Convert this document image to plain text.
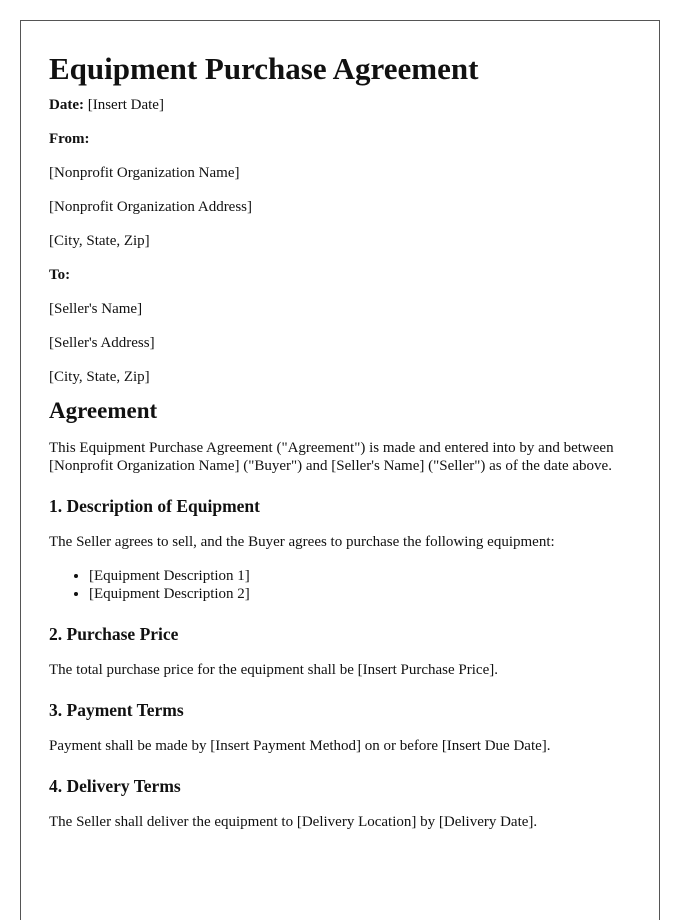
Equipment Purchase Agreement
Date: [Insert Date]
From:
[Nonprofit Organization Name]
[Nonprofit Organization Address]
[City, State, Zip]
To:
[Seller's Name]
[Seller's Address]
[City, State, Zip]
Agreement

This Equipment Purchase Agreement ("Agreement") is made and entered into by and between [Nonprofit Organization Name] ("Buyer") and [Seller's Name] ("Seller") as of the date above.

1. Description of Equipment

The Seller agrees to sell, and the Buyer agrees to purchase the following equipment:

• [Equipment Description 1]
• [Equipment Description 2]
2. Purchase Price

The total purchase price for the equipment shall be [Insert Purchase Price].

3. Payment Terms

Payment shall be made by [Insert Payment Method] on or before [Insert Due Date].

4. Delivery Terms

The Seller shall deliver the equipment to [Delivery Location] by [Delivery Date].
